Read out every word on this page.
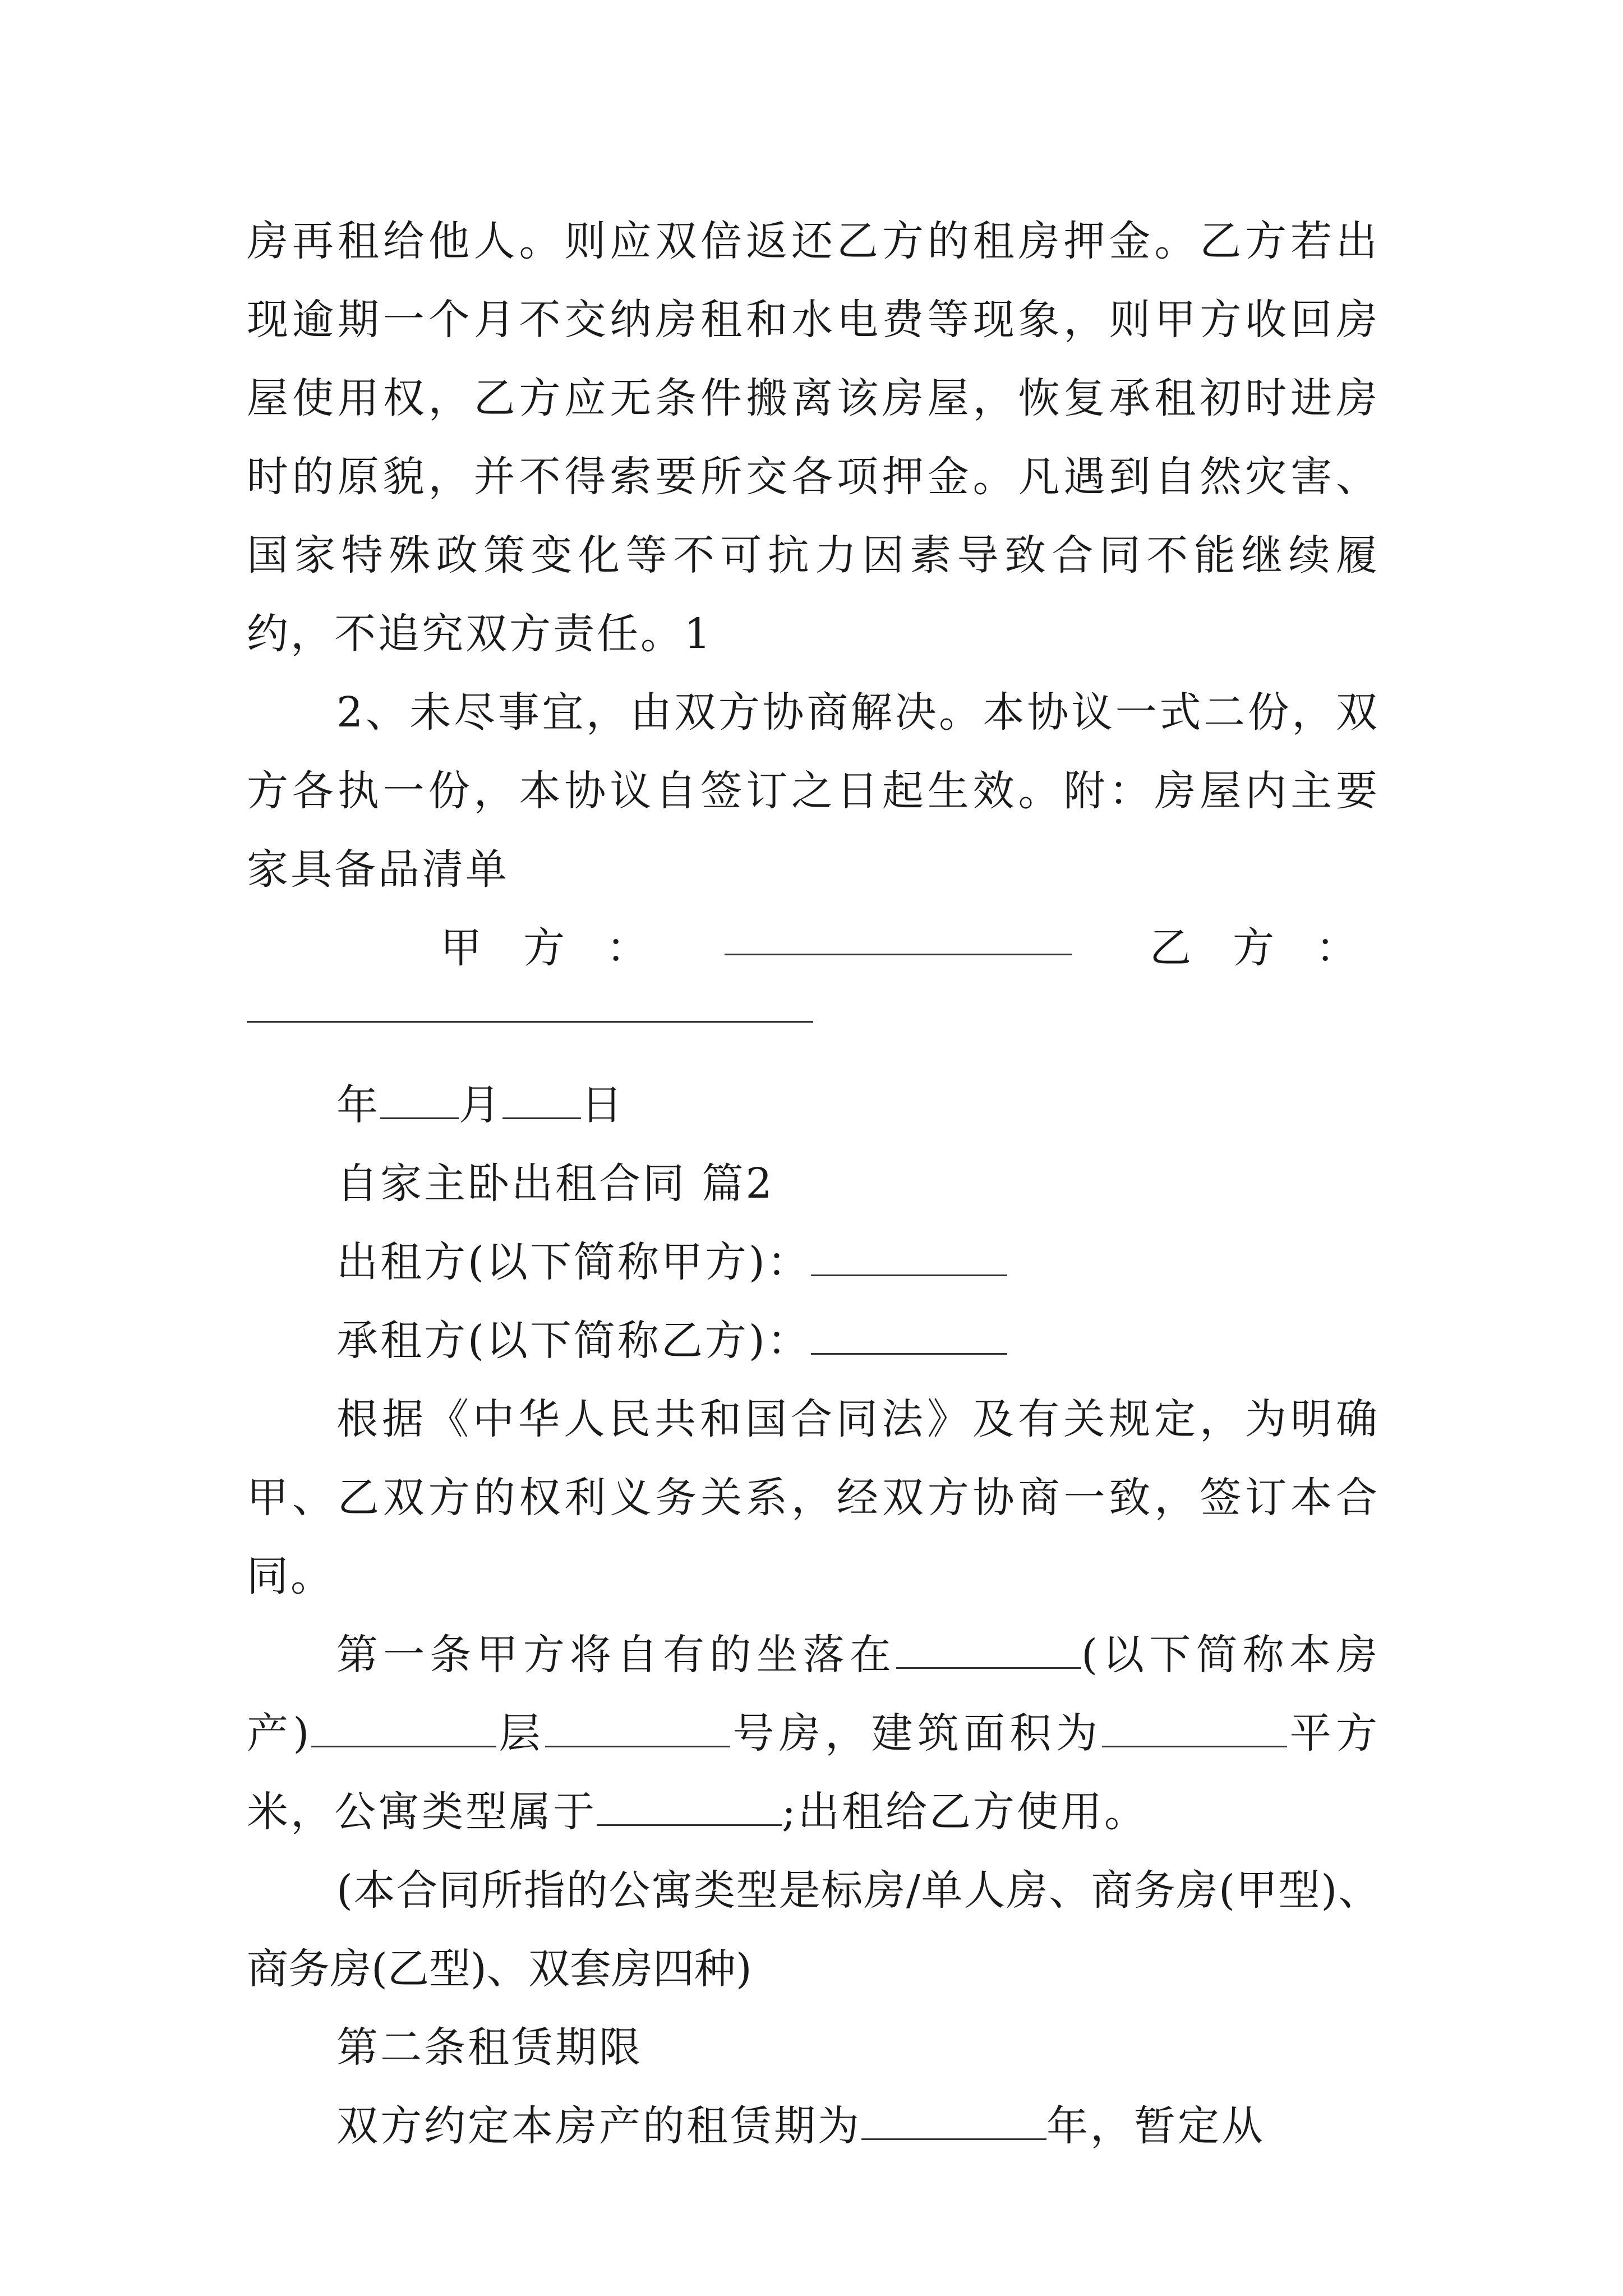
房再租给他人。则应双倍返还乙方的租房押金。乙方若出现逾期一个月不交纳房租和水电费等现象，则甲方收回房屋使用权，乙方应无条件搬离该房屋，恢复承租初时进房时的原貌，并不得索要所交各项押金。凡遇到自然灾害、国家特殊政策变化等不可抗力因素导致合同不能继续履约，不追究双方责任。1

2、未尽事宜，由双方协商解决。本协议一式二份，双方各执一份，本协议自签订之日起生效。附：房屋内主要家具备品清单

甲　方　：	乙　方　：

年 月 日

自家主卧出租合同 篇2

出租方(以下简称甲方)：

承租方(以下简称乙方)：

根据《中华人民共和国合同法》及有关规定，为明确甲、乙双方的权利义务关系，经双方协商一致，签订本合同。

第一条甲方将自有的坐落在	(以下简称本房产)	层	号房，建筑面积为	平方米，公寓类型属于	;出租给乙方使用。

(本合同所指的公寓类型是标房/单人房、商务房(甲型)、商务房(乙型)、双套房四种)

第二条租赁期限

双方约定本房产的租赁期为	年，暂定从
